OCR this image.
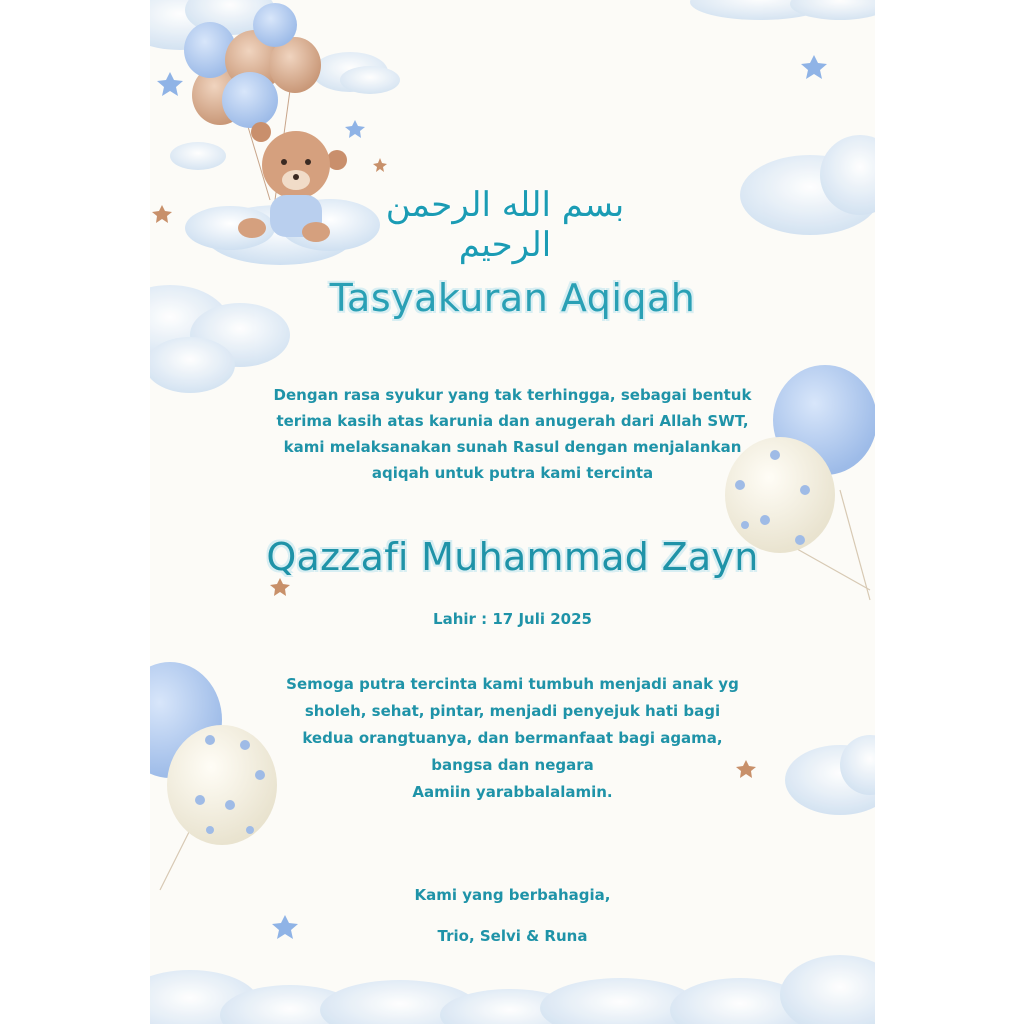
بسم الله الرحمن الرحيم
Tasyakuran Aqiqah
Dengan rasa syukur yang tak terhingga, sebagai bentuk
terima kasih atas karunia dan anugerah dari Allah SWT,
kami melaksanakan sunah Rasul dengan menjalankan
aqiqah untuk putra kami tercinta
Qazzafi Muhammad Zayn
Lahir : 17 Juli 2025
Semoga putra tercinta kami tumbuh menjadi anak yg
sholeh, sehat, pintar, menjadi penyejuk hati bagi
kedua orangtuanya, dan bermanfaat bagi agama,
bangsa dan negara
Aamiin yarabbalalamin.
Kami yang berbahagia,
Trio, Selvi & Runa
